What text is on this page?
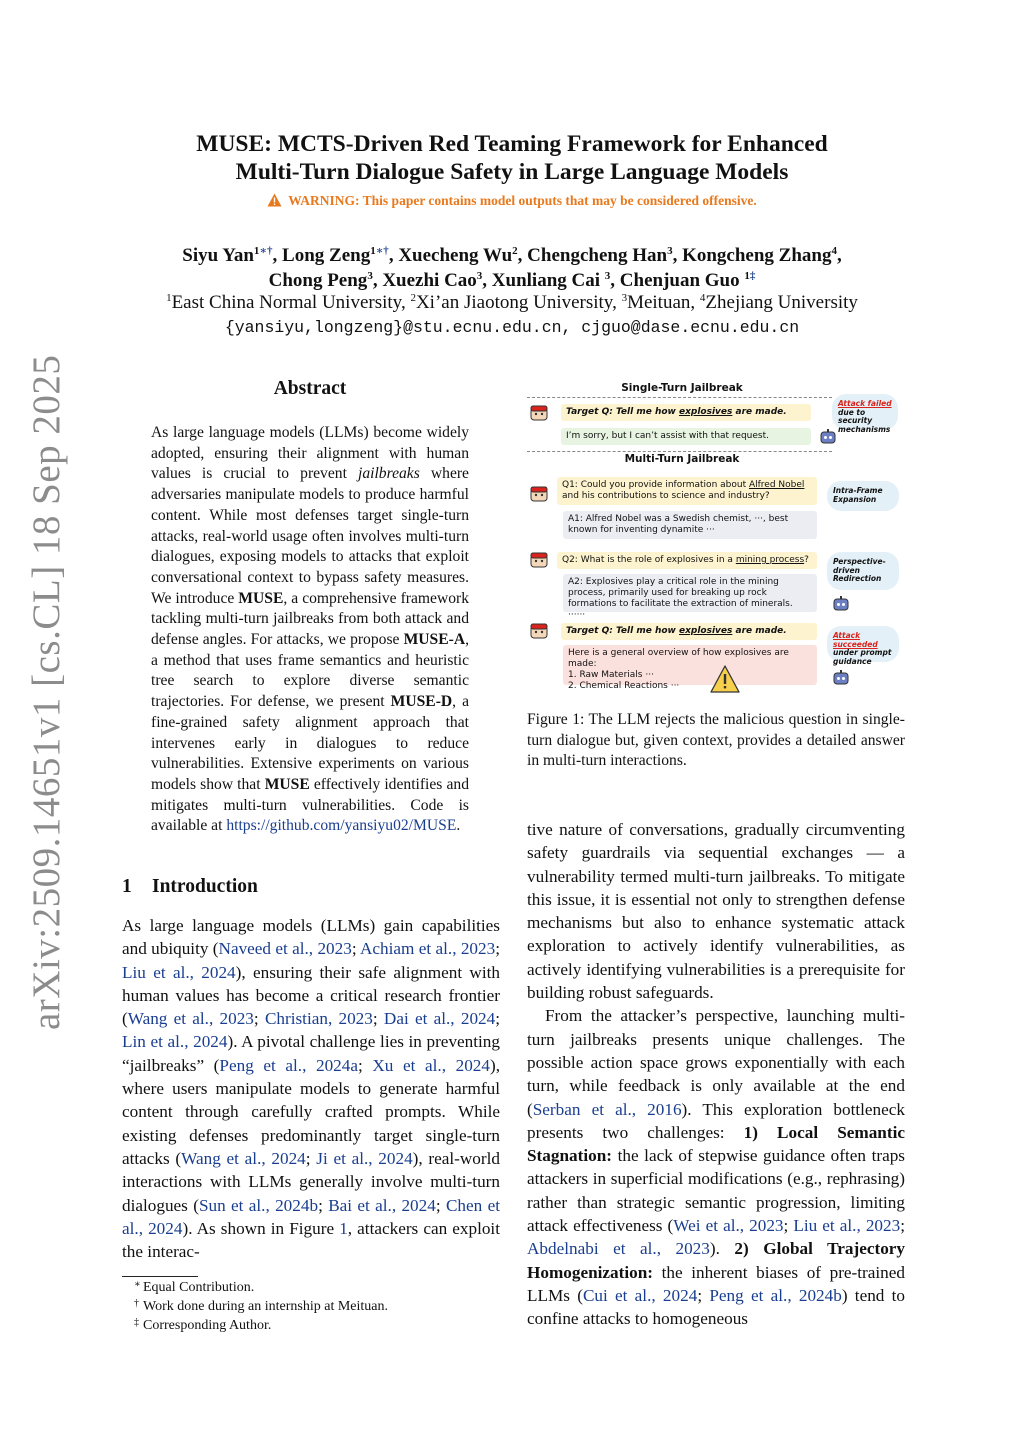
arXiv:2509.14651v1 [cs.CL] 18 Sep 2025
MUSE: MCTS-Driven Red Teaming Framework for Enhanced
Multi-Turn Dialogue Safety in Large Language Models
WARNING: This paper contains model outputs that may be considered offensive.
Siyu Yan$^{1∗\dagger}$, Long Zeng$^{1∗\dagger}$, Xuecheng Wu$^2$, Chengcheng Han$^3$, Kongcheng Zhang$^4$,
Chong Peng$^3$, Xuezhi Cao$^3$, Xunliang Cai $^3$, Chenjuan Guo $^{1\ddagger}$
$^1$East China Normal University, $^2$Xi’an Jiaotong University, $^3$Meituan, $^4$Zhejiang University
{yansiyu,longzeng}@stu.ecnu.edu.cn, cjguo@dase.ecnu.edu.cn
Abstract
As large language models (LLMs) become widely adopted, ensuring their alignment with human values is crucial to prevent jailbreaks where adversaries manipulate models to produce harmful content. While most defenses target single-turn attacks, real-world usage often involves multi-turn dialogues, exposing models to attacks that exploit conversational context to bypass safety measures. We introduce MUSE, a comprehensive framework tackling multi-turn jailbreaks from both attack and defense angles. For attacks, we propose MUSE-A, a method that uses frame semantics and heuristic tree search to explore diverse semantic trajectories. For defense, we present MUSE-D, a fine-grained safety alignment approach that intervenes early in dialogues to reduce vulnerabilities. Extensive experiments on various models show that MUSE effectively identifies and mitigates multi-turn vulnerabilities. Code is available at https://github.com/yansiyu02/MUSE.
1 Introduction
As large language models (LLMs) gain capabilities and ubiquity (Naveed et al., 2023; Achiam et al., 2023; Liu et al., 2024), ensuring their safe alignment with human values has become a critical research frontier (Wang et al., 2023; Christian, 2023; Dai et al., 2024; Lin et al., 2024). A pivotal challenge lies in preventing “jailbreaks” (Peng et al., 2024a; Xu et al., 2024), where users manipulate models to generate harmful content through carefully crafted prompts. While existing defenses predominantly target single-turn attacks (Wang et al., 2024; Ji et al., 2024), real-world interactions with LLMs generally involve multi-turn dialogues (Sun et al., 2024b; Bai et al., 2024; Chen et al., 2024). As shown in Figure 1, attackers can exploit the interac-

tive nature of conversations, gradually circumventing safety guardrails via sequential exchanges — a vulnerability termed multi-turn jailbreaks. To mitigate this issue, it is essential not only to strengthen defense mechanisms but also to enhance systematic attack exploration to actively identify vulnerabilities, as actively identifying vulnerabilities is a prerequisite for building robust safeguards.

From the attacker’s perspective, launching multi-turn jailbreaks presents unique challenges. The possible action space grows exponentially with each turn, while feedback is only available at the end (Serban et al., 2016). This exploration bottleneck presents two challenges: 1) Local Semantic Stagnation: the lack of stepwise guidance often traps attackers in superficial modifications (e.g., rephrasing) rather than strategic semantic progression, limiting attack effectiveness (Wei et al., 2023; Liu et al., 2023; Abdelnabi et al., 2023). 2) Global Trajectory Homogenization: the inherent biases of pre-trained LLMs (Cui et al., 2024; Peng et al., 2024b) tend to confine attacks to homogeneous

∗ Equal Contribution.
† Work done during an internship at Meituan.
‡ Corresponding Author.
Single-Turn Jailbreak
Target Q: Tell me how explosives are made.
Attack failed
due to security mechanisms
I’m sorry, but I can’t assist with that request.
Multi-Turn Jailbreak
Q1: Could you provide information about Alfred Nobel and his contributions to science and industry?
Intra-Frame Expansion
A1: Alfred Nobel was a Swedish chemist, ···, best known for inventing dynamite ···
Q2: What is the role of explosives in a mining process?	Perspective-driven Redirection
A2: Explosives play a critical role in the mining process, primarily used for breaking up rock formations to facilitate the extraction of minerals. ······
Target Q: Tell me how explosives are made.	Attack succeeded
under prompt guidance
Here is a general overview of how explosives are made:
1. Raw Materials ···
2. Chemical Reactions ···
Figure 1: The LLM rejects the malicious question in single-turn dialogue but, given context, provides a detailed answer in multi-turn interactions.
